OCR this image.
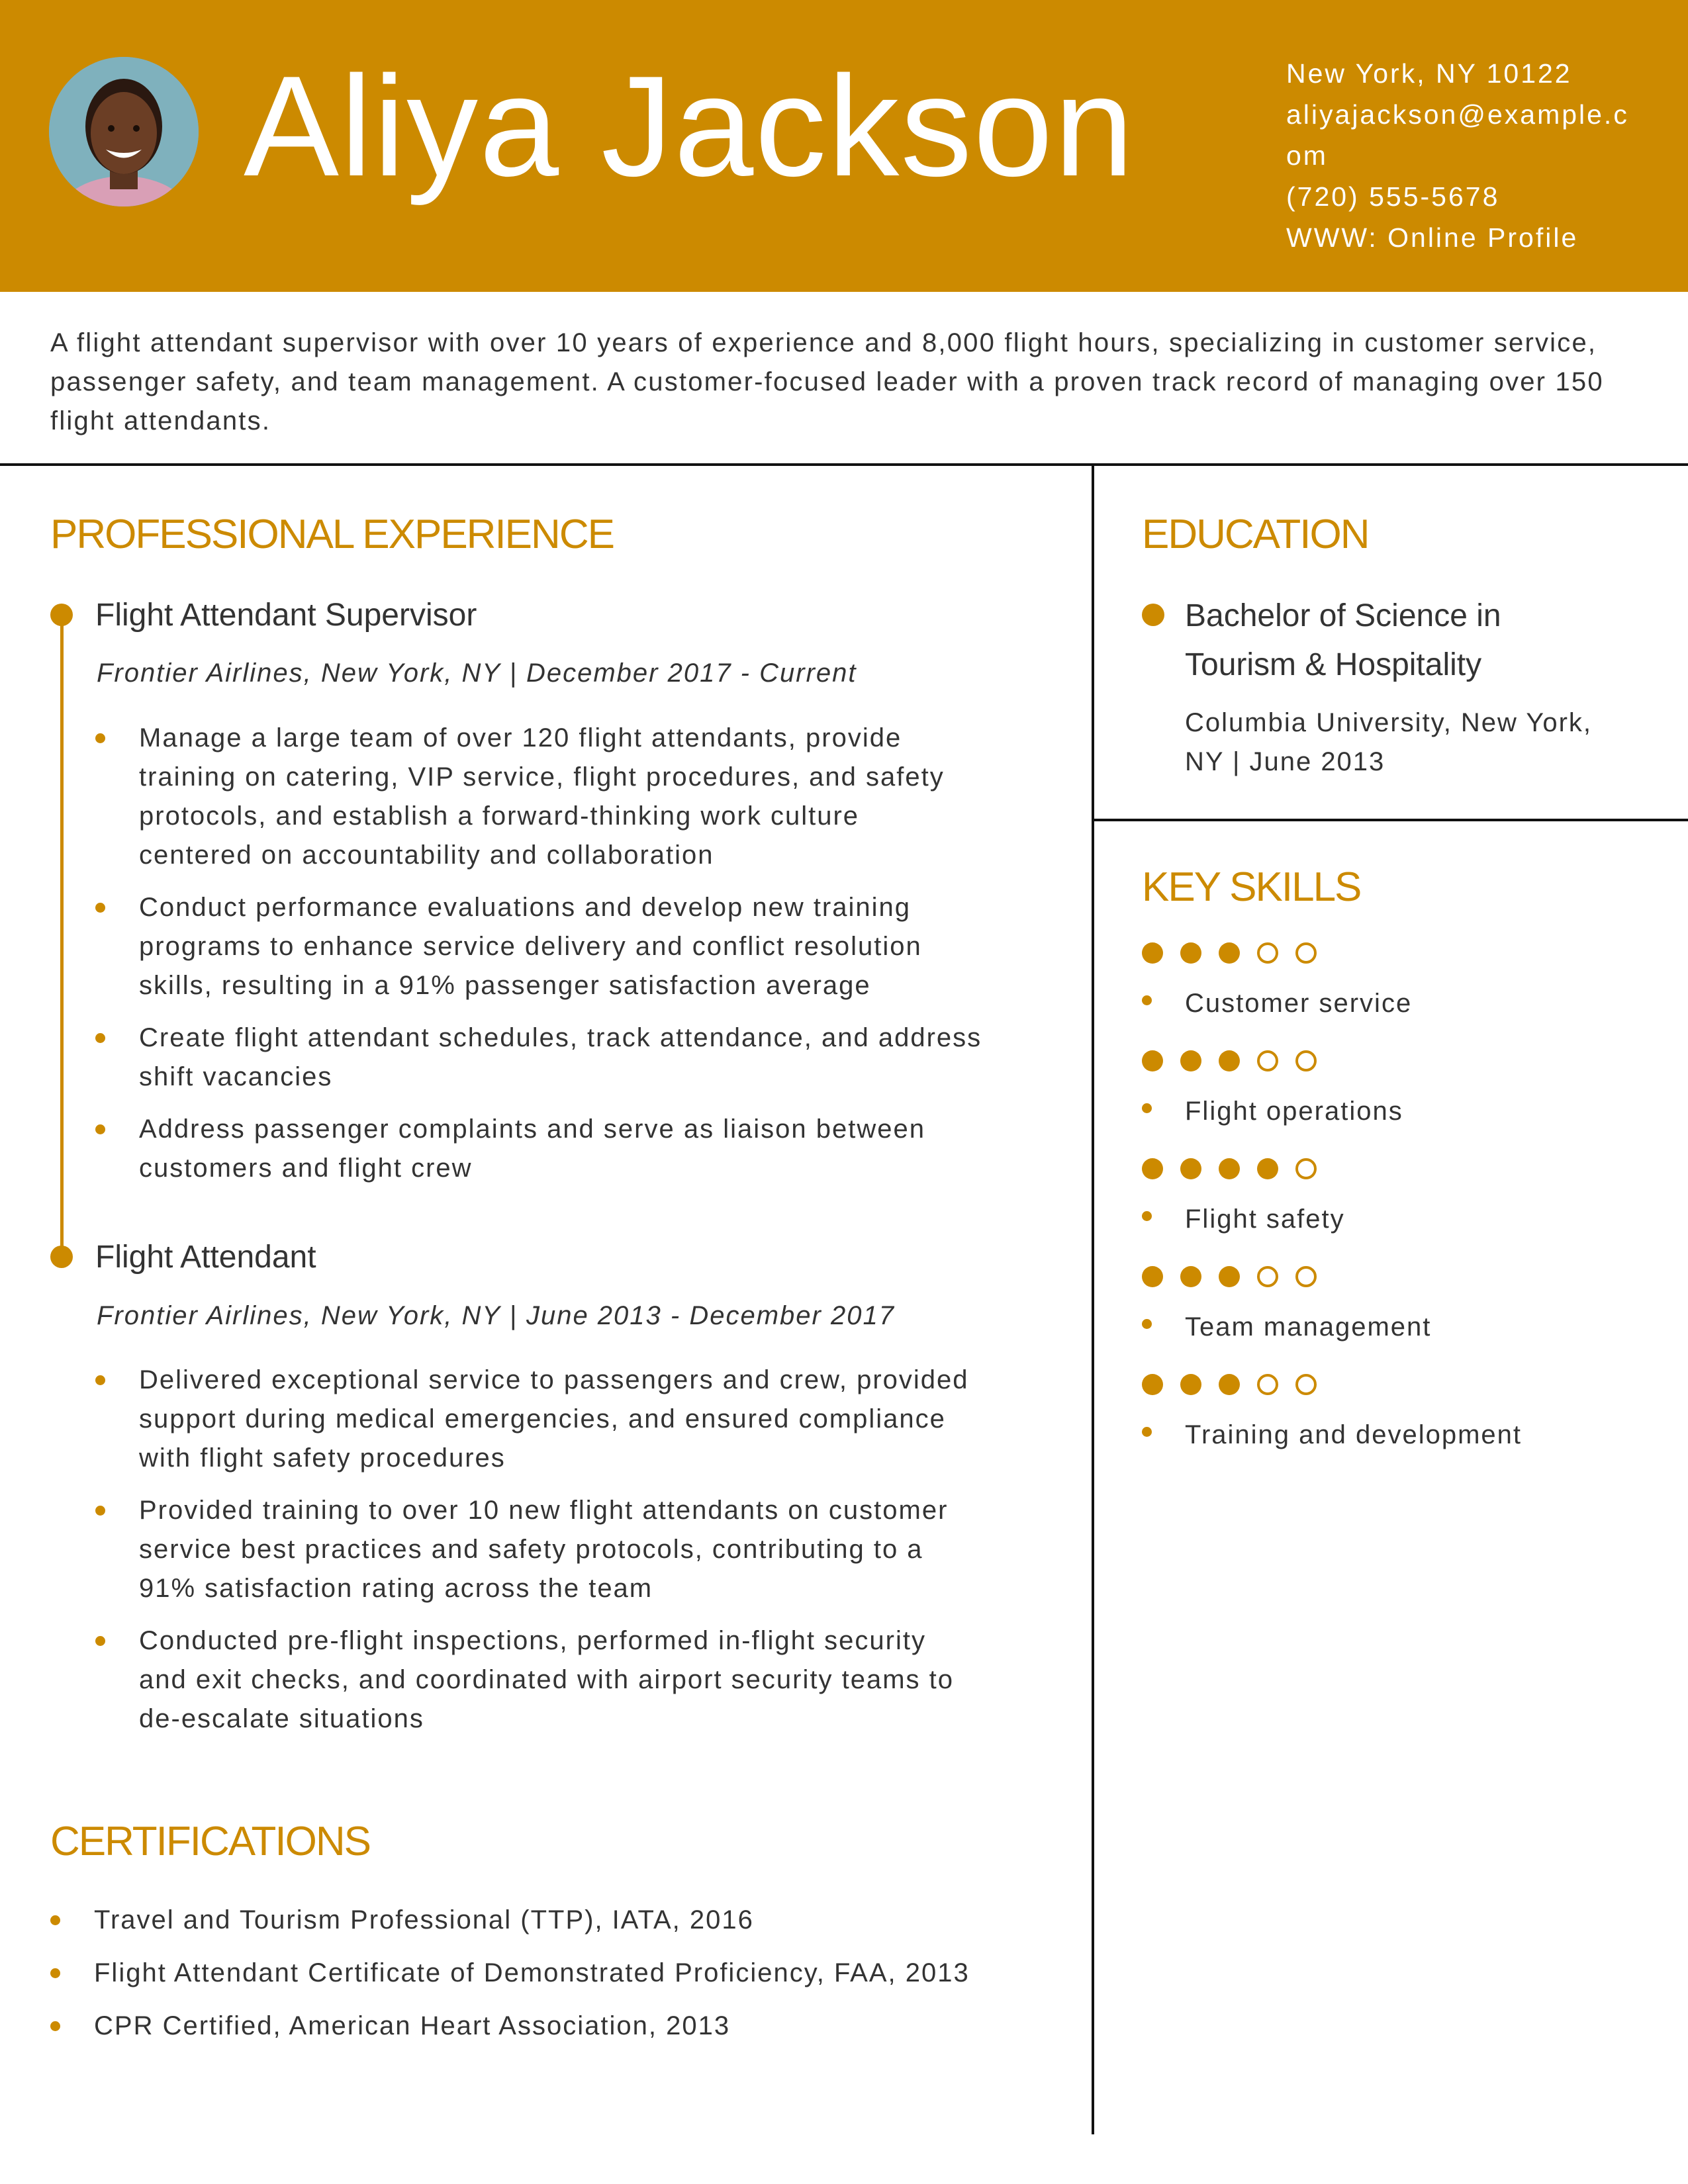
Aliya Jackson	New York, NY 10122
aliyajackson@example.c
om
(720) 555-5678
WWW: Online Profile
A flight attendant supervisor with over 10 years of experience and 8,000 flight hours, specializing in customer service, passenger safety, and team management. A customer-focused leader with a proven track record of managing over 150 flight attendants.
PROFESSIONAL EXPERIENCE
Flight Attendant Supervisor
Frontier Airlines, New York, NY | December 2017 - Current
Manage a large team of over 120 flight attendants, provide
training on catering, VIP service, flight procedures, and safety
protocols, and establish a forward-thinking work culture
centered on accountability and collaboration
Conduct performance evaluations and develop new training
programs to enhance service delivery and conflict resolution
skills, resulting in a 91% passenger satisfaction average
Create flight attendant schedules, track attendance, and address
shift vacancies
Address passenger complaints and serve as liaison between
customers and flight crew
Flight Attendant
Frontier Airlines, New York, NY | June 2013 - December 2017
Delivered exceptional service to passengers and crew, provided
support during medical emergencies, and ensured compliance
with flight safety procedures
Provided training to over 10 new flight attendants on customer
service best practices and safety protocols, contributing to a
91% satisfaction rating across the team
Conducted pre-flight inspections, performed in-flight security
and exit checks, and coordinated with airport security teams to
de-escalate situations
CERTIFICATIONS
Travel and Tourism Professional (TTP), IATA, 2016
Flight Attendant Certificate of Demonstrated Proficiency, FAA, 2013
CPR Certified, American Heart Association, 2013
EDUCATION
Bachelor of Science in
Tourism & Hospitality
Columbia University, New York,
NY | June 2013
KEY SKILLS
Customer service
Flight operations
Flight safety
Team management
Training and development
